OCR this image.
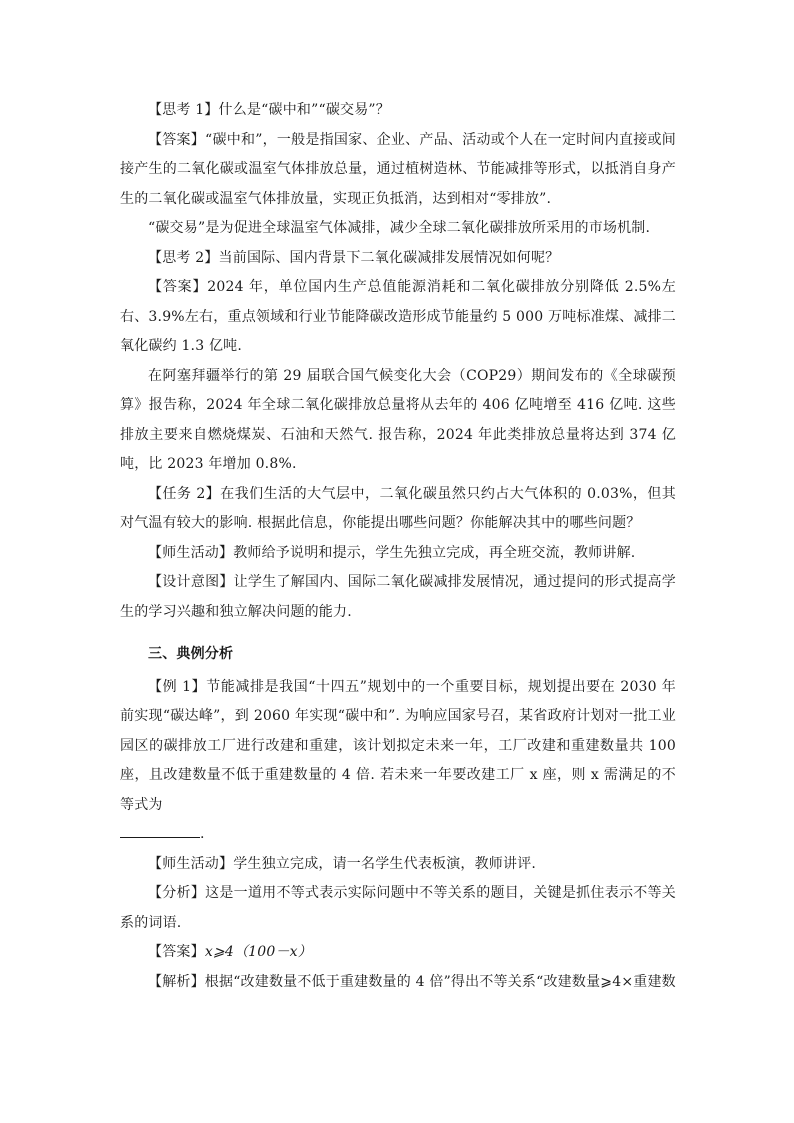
【思考 1】什么是“碳中和”“碳交易”？

【答案】“碳中和”，一般是指国家、企业、产品、活动或个人在一定时间内直接或间接产生的二氧化碳或温室气体排放总量，通过植树造林、节能减排等形式，以抵消自身产生的二氧化碳或温室气体排放量，实现正负抵消，达到相对“零排放”.

“碳交易”是为促进全球温室气体减排，减少全球二氧化碳排放所采用的市场机制.

【思考 2】当前国际、国内背景下二氧化碳减排发展情况如何呢？

【答案】2024 年，单位国内生产总值能源消耗和二氧化碳排放分别降低 2.5%左右、3.9%左右，重点领域和行业节能降碳改造形成节能量约 5 000 万吨标准煤、减排二氧化碳约 1.3 亿吨.

在阿塞拜疆举行的第 29 届联合国气候变化大会（COP29）期间发布的《全球碳预算》报告称，2024 年全球二氧化碳排放总量将从去年的 406 亿吨增至 416 亿吨. 这些排放主要来自燃烧煤炭、石油和天然气. 报告称，2024 年此类排放总量将达到 374 亿吨，比 2023 年增加 0.8%.

【任务 2】在我们生活的大气层中，二氧化碳虽然只约占大气体积的 0.03%，但其对气温有较大的影响. 根据此信息，你能提出哪些问题？你能解决其中的哪些问题？

【师生活动】教师给予说明和提示，学生先独立完成，再全班交流，教师讲解.

【设计意图】让学生了解国内、国际二氧化碳减排发展情况，通过提问的形式提高学生的学习兴趣和独立解决问题的能力.

三、典例分析

【例 1】节能减排是我国“十四五”规划中的一个重要目标，规划提出要在 2030 年前实现“碳达峰”，到 2060 年实现“碳中和”. 为响应国家号召，某省政府计划对一批工业园区的碳排放工厂进行改建和重建，该计划拟定未来一年，工厂改建和重建数量共 100 座，且改建数量不低于重建数量的 4 倍. 若未来一年要改建工厂 x 座，则 x 需满足的不等式为
.

【师生活动】学生独立完成，请一名学生代表板演，教师讲评.

【分析】这是一道用不等式表示实际问题中不等关系的题目，关键是抓住表示不等关系的词语.

【答案】x⩾4（100－x）

【解析】根据“改建数量不低于重建数量的 4 倍”得出不等关系“改建数量⩾4×重建数
